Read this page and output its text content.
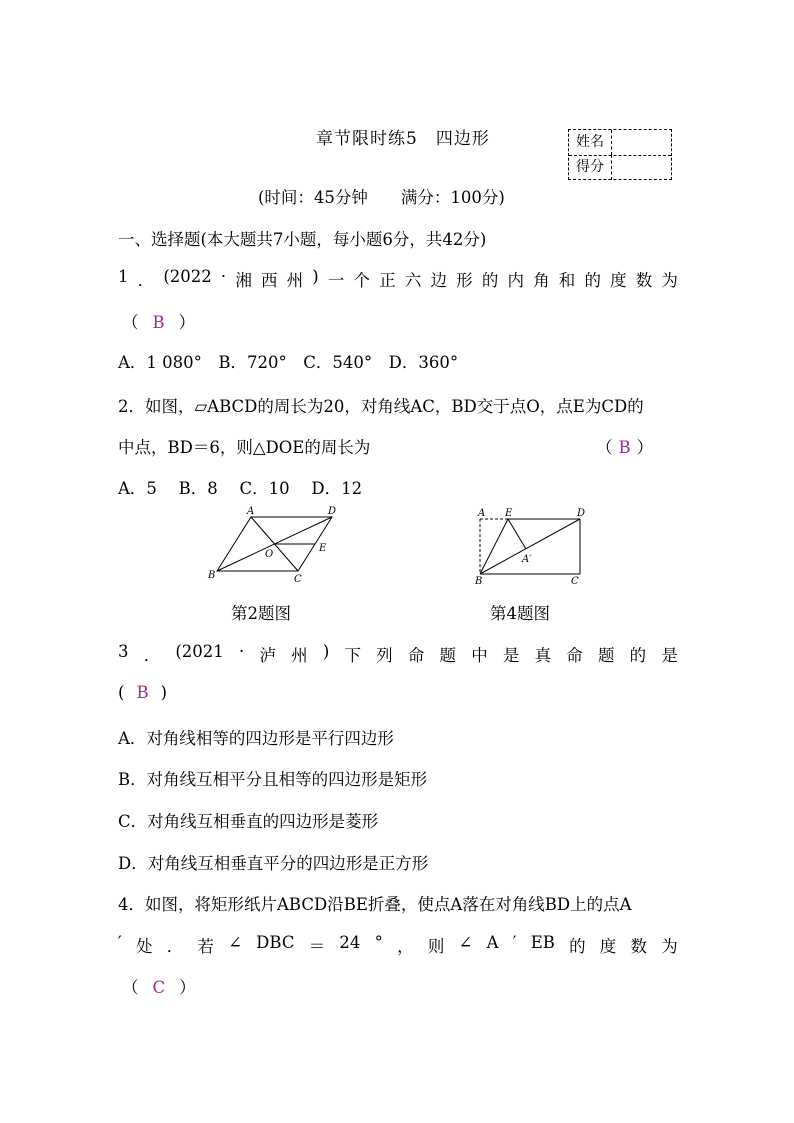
章节限时练5　四边形	姓名
得分
(时间：45分钟　　满分：100分)
一、选择题(本大题共7小题，每小题6分，共42分)
1 ． (2022 · 湘 西 州 ) 一 个 正 六 边 形 的 内 角 和 的 度 数 为
（ B ）
A．1 080°　B．720°　C．540°　D．360°
2．如图，▱ABCD的周长为20，对角线AC，BD交于点O，点E为CD的
中点，BD＝6，则△DOE的周长为	（ B ）
A．5　 B．8　 C．10　 D．12
A	D
B	C
O
E
第2题图
A E	D
B	C
A′
第4题图
3 ． (2021 · 泸 州 ) 下 列 命 题 中 是 真 命 题 的 是
( B )
A．对角线相等的四边形是平行四边形
B．对角线互相平分且相等的四边形是矩形
C．对角线互相垂直的四边形是菱形
D．对角线互相垂直平分的四边形是正方形
4．如图，将矩形纸片ABCD沿BE折叠，使点A落在对角线BD上的点A
′ 处 ． 若 ∠ DBC ＝ 24 ° ， 则 ∠ A ′ EB 的 度 数 为
（ C ）
